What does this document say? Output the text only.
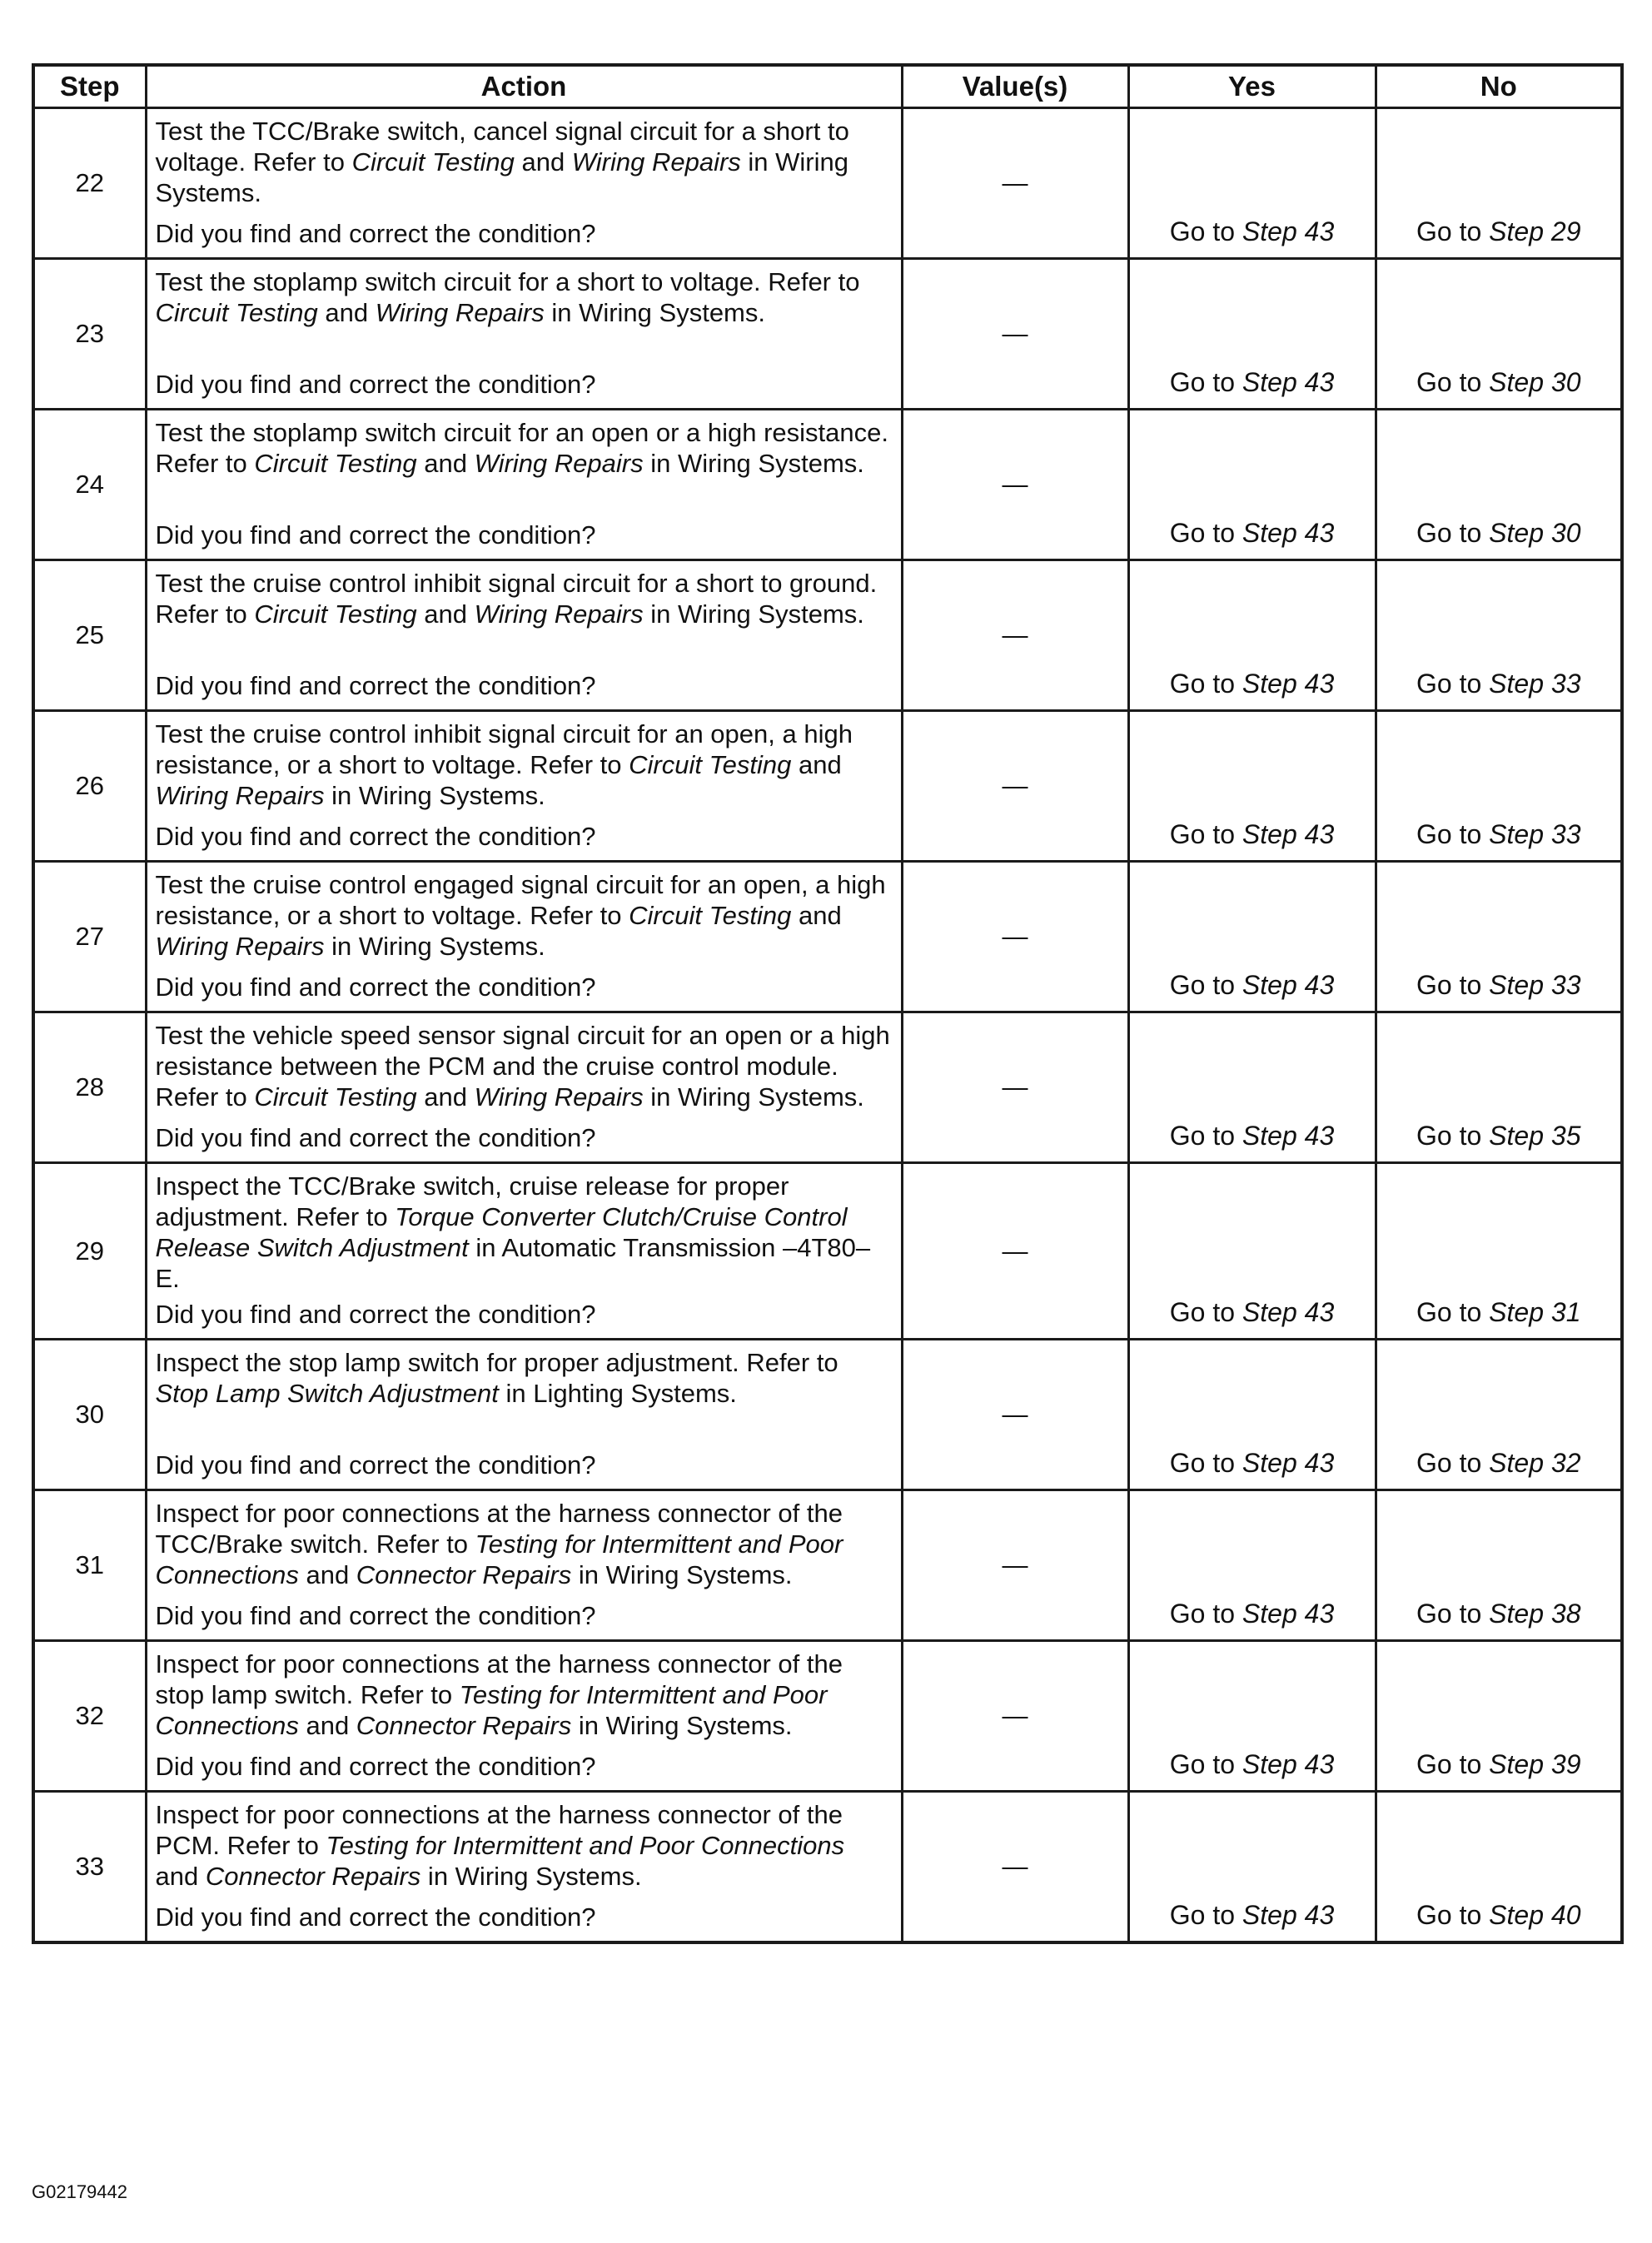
Step	Action	Value(s)	Yes	No
22	Test the TCC/Brake switch, cancel signal circuit for a short to voltage. Refer to Circuit Testing and Wiring Repairs in Wiring Systems.
Did you find and correct the condition?	—	Go to Step 43	Go to Step 29
23	Test the stoplamp switch circuit for a short to voltage. Refer to Circuit Testing and Wiring Repairs in Wiring Systems.
Did you find and correct the condition?	—	Go to Step 43	Go to Step 30
24	Test the stoplamp switch circuit for an open or a high resistance. Refer to Circuit Testing and Wiring Repairs in Wiring Systems.
Did you find and correct the condition?	—	Go to Step 43	Go to Step 30
25	Test the cruise control inhibit signal circuit for a short to ground. Refer to Circuit Testing and Wiring Repairs in Wiring Systems.
Did you find and correct the condition?	—	Go to Step 43	Go to Step 33
26	Test the cruise control inhibit signal circuit for an open, a high resistance, or a short to voltage. Refer to Circuit Testing and Wiring Repairs in Wiring Systems.
Did you find and correct the condition?	—	Go to Step 43	Go to Step 33
27	Test the cruise control engaged signal circuit for an open, a high resistance, or a short to voltage. Refer to Circuit Testing and Wiring Repairs in Wiring Systems.
Did you find and correct the condition?	—	Go to Step 43	Go to Step 33
28	Test the vehicle speed sensor signal circuit for an open or a high resistance between the PCM and the cruise control module. Refer to Circuit Testing and Wiring Repairs in Wiring Systems.
Did you find and correct the condition?	—	Go to Step 43	Go to Step 35
29	Inspect the TCC/Brake switch, cruise release for proper adjustment. Refer to Torque Converter Clutch/Cruise Control Release Switch Adjustment in Automatic Transmission –4T80–E.
Did you find and correct the condition?	—	Go to Step 43	Go to Step 31
30	Inspect the stop lamp switch for proper adjustment. Refer to Stop Lamp Switch Adjustment in Lighting Systems.
Did you find and correct the condition?	—	Go to Step 43	Go to Step 32
31	Inspect for poor connections at the harness connector of the TCC/Brake switch. Refer to Testing for Intermittent and Poor Connections and Connector Repairs in Wiring Systems.
Did you find and correct the condition?	—	Go to Step 43	Go to Step 38
32	Inspect for poor connections at the harness connector of the stop lamp switch. Refer to Testing for Intermittent and Poor Connections and Connector Repairs in Wiring Systems.
Did you find and correct the condition?	—	Go to Step 43	Go to Step 39
33	Inspect for poor connections at the harness connector of the PCM. Refer to Testing for Intermittent and Poor Connections and Connector Repairs in Wiring Systems.
Did you find and correct the condition?	—	Go to Step 43	Go to Step 40
G02179442
